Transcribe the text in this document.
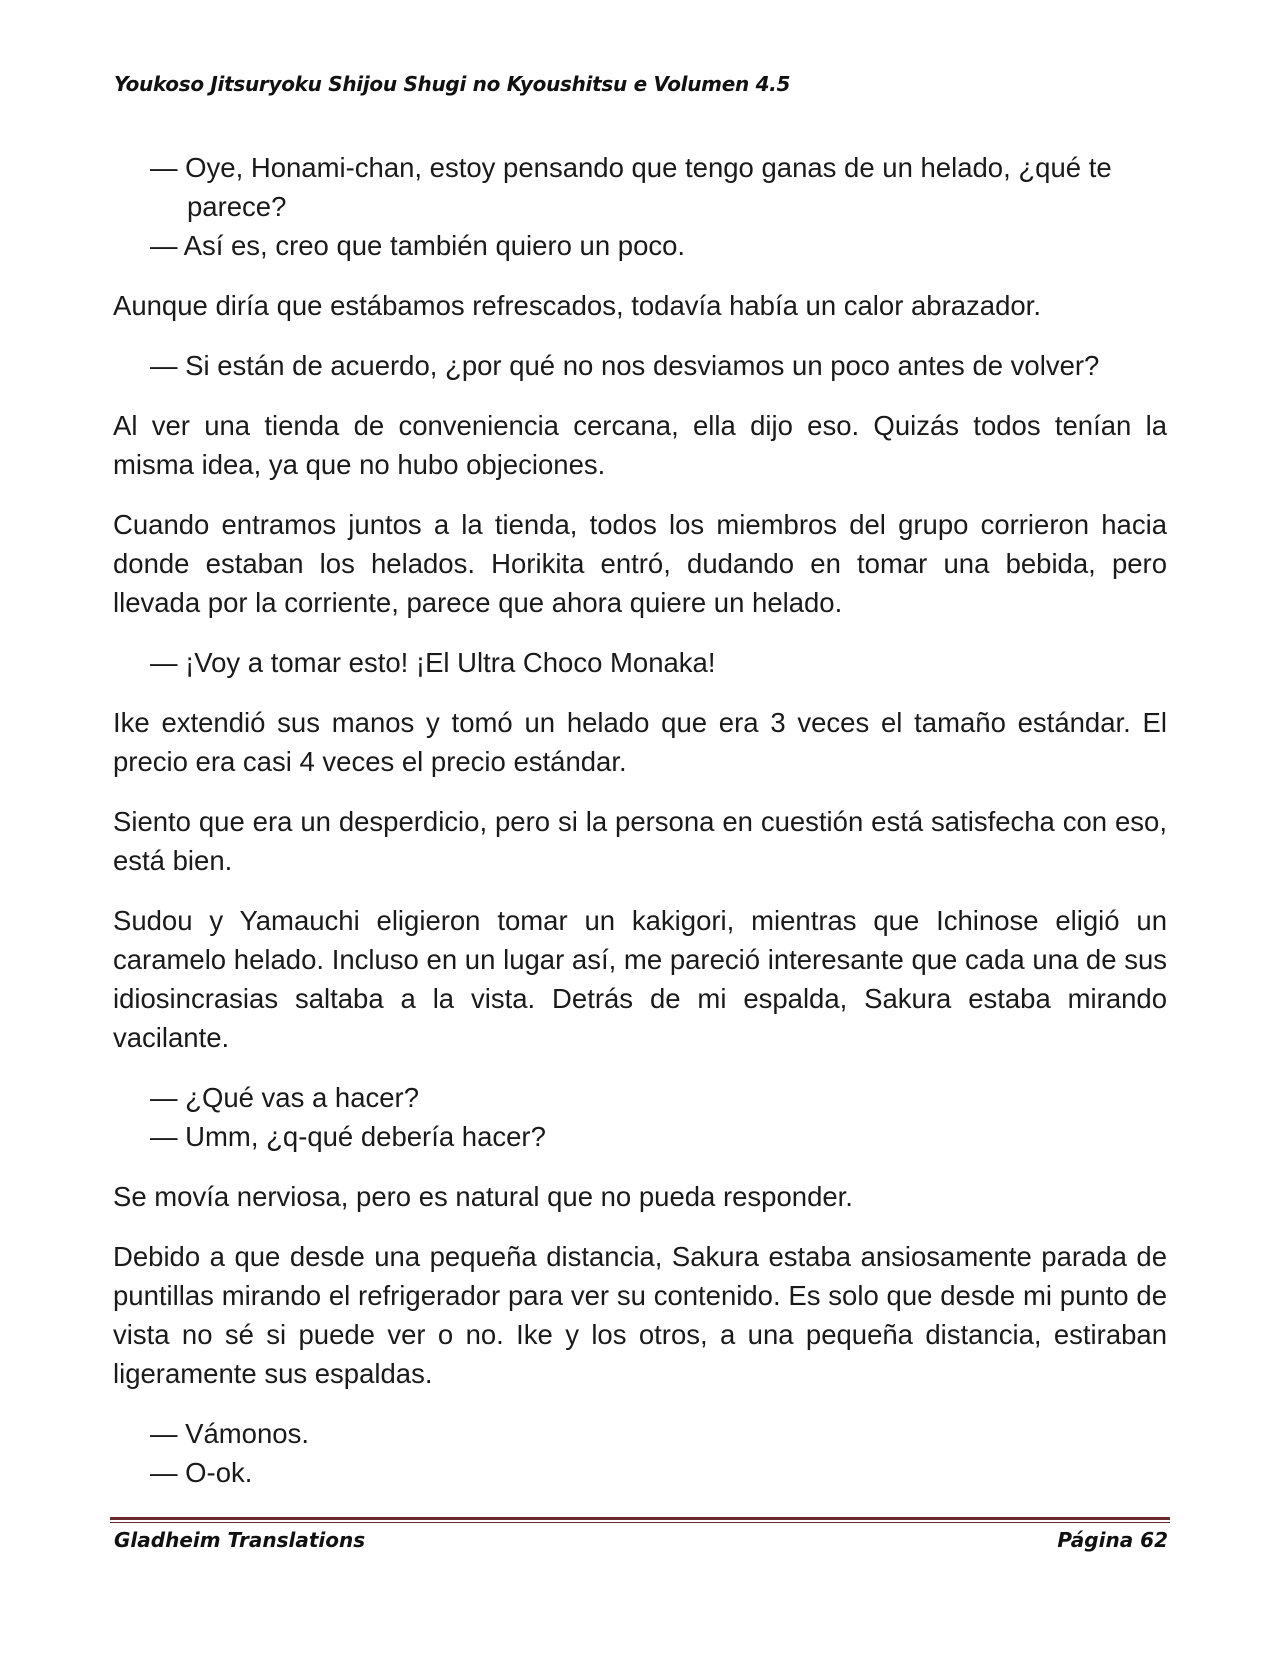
Youkoso Jitsuryoku Shijou Shugi no Kyoushitsu e Volumen 4.5

— Oye, Honami-chan, estoy pensando que tengo ganas de un helado, ¿qué te parece?

— Así es, creo que también quiero un poco.

Aunque diría que estábamos refrescados, todavía había un calor abrazador.

— Si están de acuerdo, ¿por qué no nos desviamos un poco antes de volver?

Al ver una tienda de conveniencia cercana, ella dijo eso. Quizás todos tenían la misma idea, ya que no hubo objeciones.

Cuando entramos juntos a la tienda, todos los miembros del grupo corrieron hacia donde estaban los helados. Horikita entró, dudando en tomar una bebida, pero llevada por la corriente, parece que ahora quiere un helado.

— ¡Voy a tomar esto! ¡El Ultra Choco Monaka!

Ike extendió sus manos y tomó un helado que era 3 veces el tamaño estándar. El precio era casi 4 veces el precio estándar.

Siento que era un desperdicio, pero si la persona en cuestión está satisfecha con eso, está bien.

Sudou y Yamauchi eligieron tomar un kakigori, mientras que Ichinose eligió un caramelo helado. Incluso en un lugar así, me pareció interesante que cada una de sus idiosincrasias saltaba a la vista. Detrás de mi espalda, Sakura estaba mirando vacilante.

— ¿Qué vas a hacer?

— Umm, ¿q-qué debería hacer?

Se movía nerviosa, pero es natural que no pueda responder.

Debido a que desde una pequeña distancia, Sakura estaba ansiosamente parada de puntillas mirando el refrigerador para ver su contenido. Es solo que desde mi punto de vista no sé si puede ver o no. Ike y los otros, a una pequeña distancia, estiraban ligeramente sus espaldas.

— Vámonos.

— O-ok.

Gladheim Translations	Página 62
